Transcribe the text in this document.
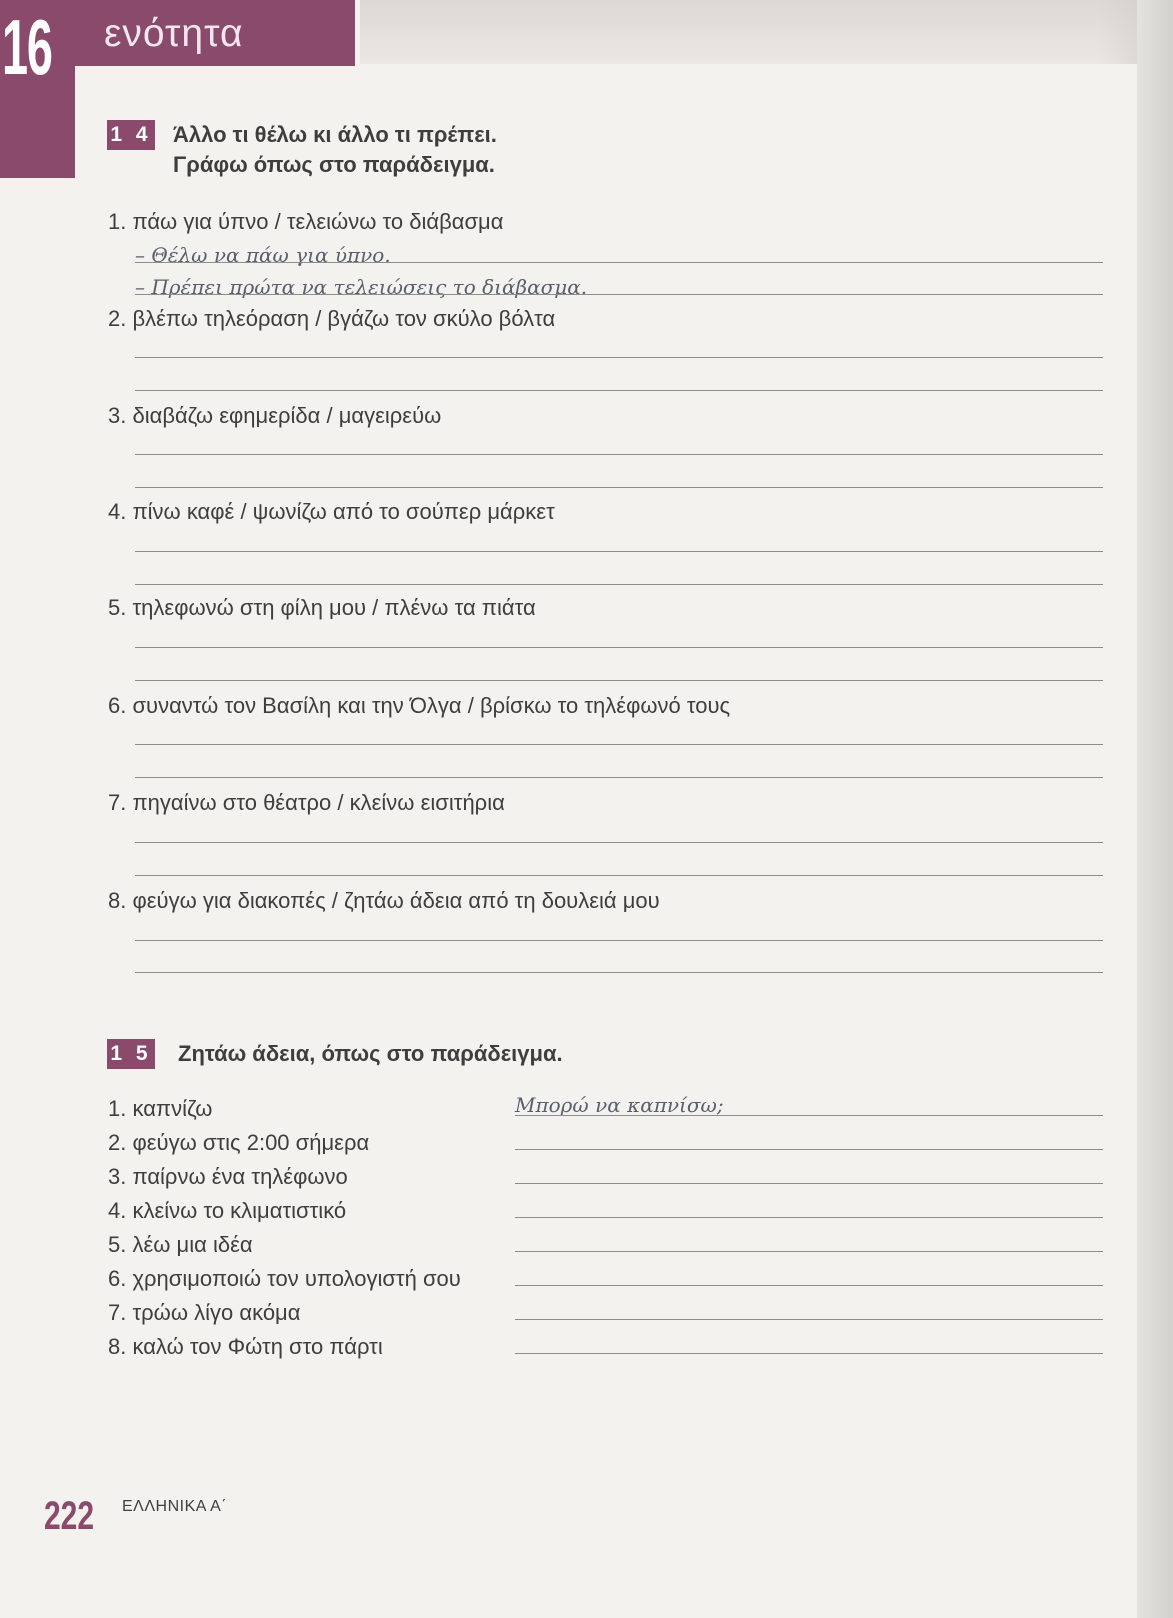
16 ενότητα
1 4 Άλλο τι θέλω κι άλλο τι πρέπει.
Γράφω όπως στο παράδειγμα.
1. πάω για ύπνο / τελειώνω το διάβασμα
– Θέλω να πάω για ύπνο.
– Πρέπει πρώτα να τελειώσεις το διάβασμα.
2. βλέπω τηλεόραση / βγάζω τον σκύλο βόλτα
3. διαβάζω εφημερίδα / μαγειρεύω
4. πίνω καφέ / ψωνίζω από το σούπερ μάρκετ
5. τηλεφωνώ στη φίλη μου / πλένω τα πιάτα
6. συναντώ τον Βασίλη και την Όλγα / βρίσκω το τηλέφωνό τους
7. πηγαίνω στο θέατρο / κλείνω εισιτήρια
8. φεύγω για διακοπές / ζητάω άδεια από τη δουλειά μου
1 5 Ζητάω άδεια, όπως στο παράδειγμα.
1. καπνίζω	Μπορώ να καπνίσω;
2. φεύγω στις 2:00 σήμερα
3. παίρνω ένα τηλέφωνο
4. κλείνω το κλιματιστικό
5. λέω μια ιδέα
6. χρησιμοποιώ τον υπολογιστή σου
7. τρώω λίγο ακόμα
8. καλώ τον Φώτη στο πάρτι
222 ΕΛΛΗΝΙΚΑ Α΄
